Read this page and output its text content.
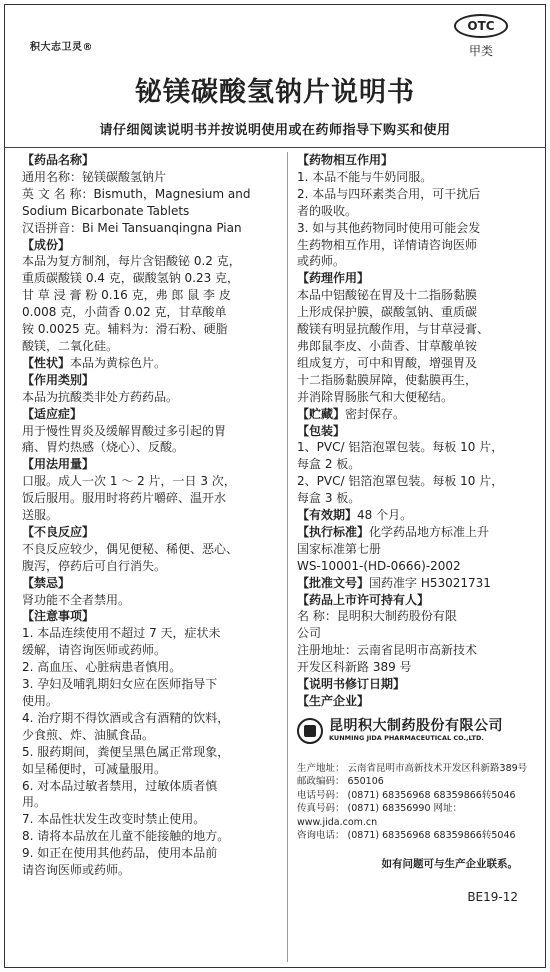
积大志卫灵®
OTC
甲类
铋镁碳酸氢钠片说明书
请仔细阅读说明书并按说明使用或在药师指导下购买和使用
【药品名称】
通用名称：铋镁碳酸氢钠片
英 文 名 称：Bismuth，Magnesium and
Sodium Bicarbonate Tablets
汉语拼音：Bi Mei Tansuanqingna Pian
【成份】
本品为复方制剂，每片含铝酸铋 0.2 克，
重质碳酸镁 0.4 克，碳酸氢钠 0.23 克，
甘 草 浸 膏 粉 0.16 克，弗 郎 鼠 李 皮
0.008 克，小茴香 0.02 克，甘草酸单
铵 0.0025 克。辅料为：滑石粉、硬脂
酸镁，二氧化硅。
【性状】本品为黄棕色片。
【作用类别】
本品为抗酸类非处方药药品。
【适应症】
用于慢性胃炎及缓解胃酸过多引起的胃
痛、胃灼热感（烧心）、反酸。
【用法用量】
口服。成人一次 1 ～ 2 片，一日 3 次，
饭后服用。服用时将药片嚼碎、温开水
送服。
【不良反应】
不良反应较少，偶见便秘、稀便、恶心、
腹泻，停药后可自行消失。
【禁忌】
肾功能不全者禁用。
【注意事项】
1. 本品连续使用不超过 7 天，症状未
缓解，请咨询医师或药师。
2. 高血压、心脏病患者慎用。
3. 孕妇及哺乳期妇女应在医师指导下
使用。
4. 治疗期不得饮酒或含有酒精的饮料，
少食煎、炸、油腻食品。
5. 服药期间，粪便呈黑色属正常现象，
如呈稀便时，可减量服用。
6. 对本品过敏者禁用，过敏体质者慎
用。
7. 本品性状发生改变时禁止使用。
8. 请将本品放在儿童不能接触的地方。
9. 如正在使用其他药品，使用本品前
请咨询医师或药师。
【药物相互作用】
1. 本品不能与牛奶同服。
2. 本品与四环素类合用，可干扰后
者的吸收。
3. 如与其他药物同时使用可能会发
生药物相互作用，详情请咨询医师
或药师。
【药理作用】
本品中铝酸铋在胃及十二指肠黏膜
上形成保护膜，碳酸氢钠、重质碳
酸镁有明显抗酸作用，与甘草浸膏、
弗郎鼠李皮、小茴香、甘草酸单铵
组成复方，可中和胃酸，增强胃及
十二指肠黏膜屏障，使黏膜再生，
并消除胃肠胀气和大便秘结。
【贮藏】密封保存。
【包装】
1、PVC/ 铝箔泡罩包装。每板 10 片，
每盒 2 板。
2、PVC/ 铝箔泡罩包装。每板 10 片，
每盒 3 板。
【有效期】48 个月。
【执行标准】化学药品地方标准上升
国家标准第七册
WS-10001-(HD-0666)-2002
【批准文号】国药准字 H53021731
【药品上市许可持有人】
名 称：昆明积大制药股份有限
公司
注册地址：云南省昆明市高新技术
开发区科新路 389 号
【说明书修订日期】
【生产企业】
昆明积大制药股份有限公司
KUNMING JIDA PHARMACEUTICAL CO.,LTD.
生产地址： 云南省昆明市高新技术开发区科新路389号
邮政编码： 650106
电话号码： (0871) 68356968 68359866转5046
传真号码： (0871) 68356990 网址：www.jida.com.cn
咨询电话： (0871) 68356968 68359866转5046
如有问题可与生产企业联系。
BE19-12
